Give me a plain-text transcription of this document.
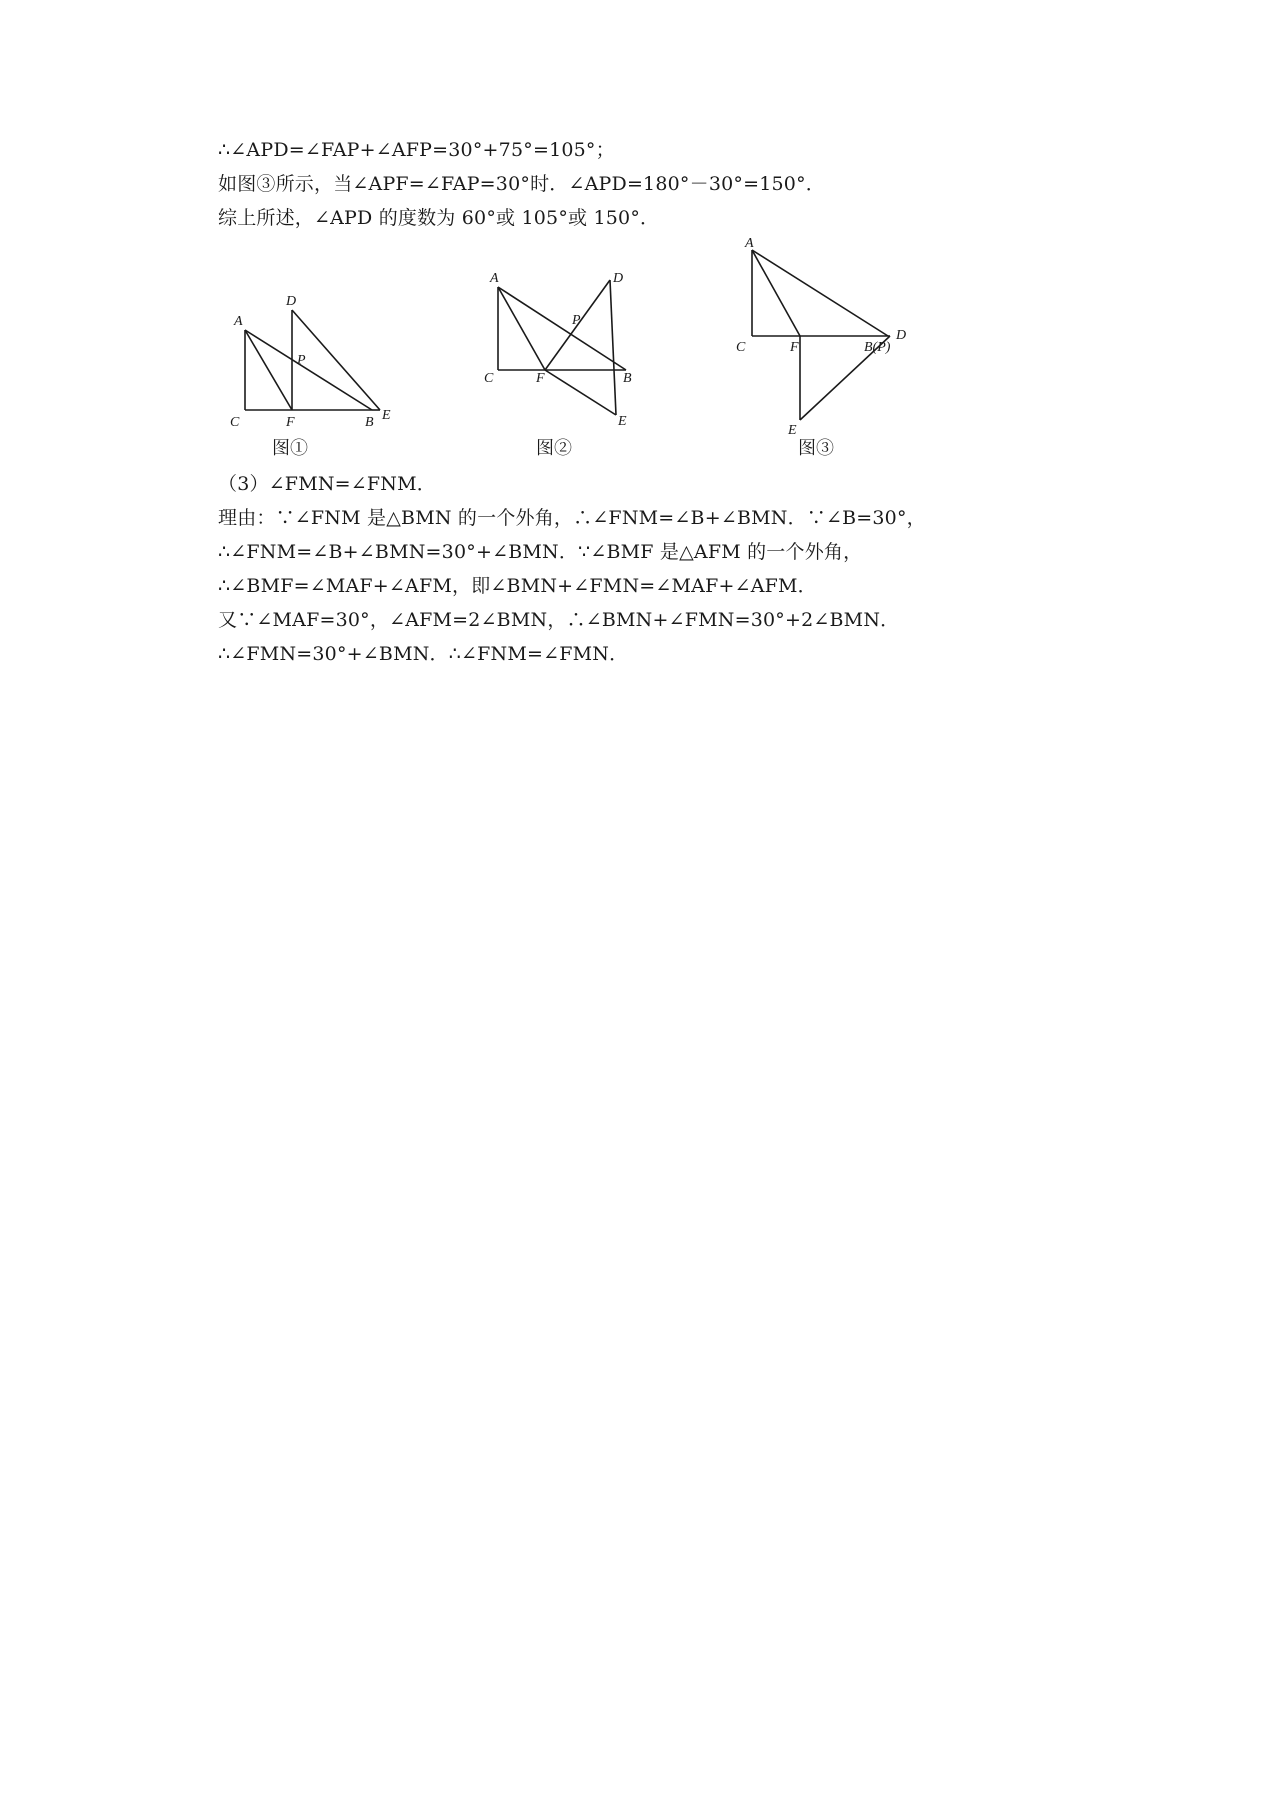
∴∠APD=∠FAP+∠AFP=30°+75°=105°；
如图③所示，当∠APF=∠FAP=30°时．∠APD=180°－30°=150°．
综上所述，∠APD 的度数为 60°或 105°或 150°．
A
D
P
C	F	B E
图①
A	D
P
C	F	B
E
图②
A
C	F	B(P)
D
E
图③
（3）∠FMN=∠FNM．
理由：∵∠FNM 是△BMN 的一个外角，∴∠FNM=∠B+∠BMN．∵∠B=30°，
∴∠FNM=∠B+∠BMN=30°+∠BMN．∵∠BMF 是△AFM 的一个外角，
∴∠BMF=∠MAF+∠AFM，即∠BMN+∠FMN=∠MAF+∠AFM．
又∵∠MAF=30°，∠AFM=2∠BMN，∴∠BMN+∠FMN=30°+2∠BMN．
∴∠FMN=30°+∠BMN．∴∠FNM=∠FMN．
